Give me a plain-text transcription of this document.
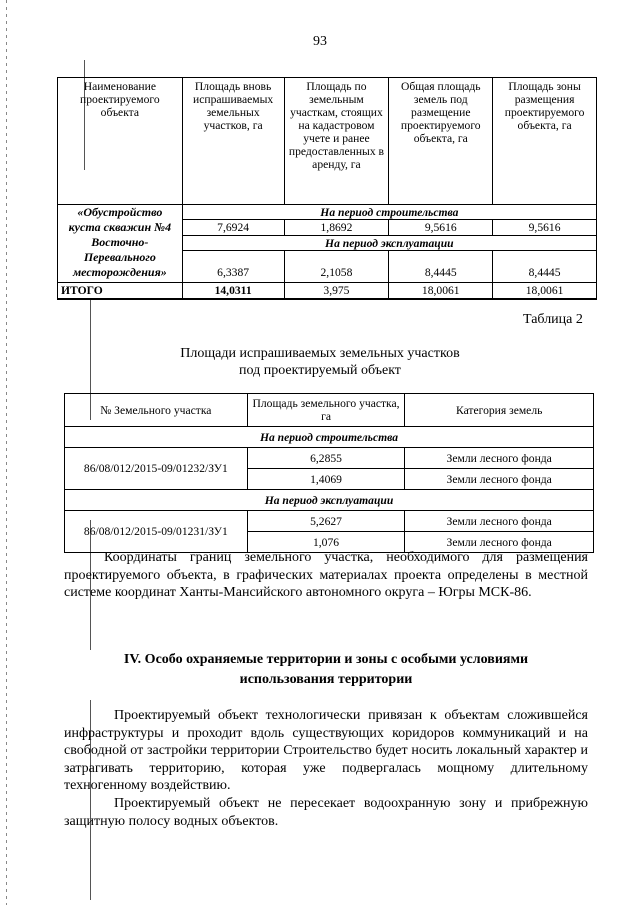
93
Наименование проектируемого объекта	Площадь вновь испрашиваемых земельных участков, га	Площадь по земельным участкам, стоящих на кадастровом учете и ранее предоставленных в аренду, га	Общая площадь земель под размещение проектируемого объекта, га	Площадь зоны размещения проектируемого объекта, га
«Обустройство куста скважин №4 Восточно-Перевального месторождения»	На период строительства			
	7,6924	1,8692	9,5616	9,5616
	На период эксплуатации			
	6,3387	2,1058	8,4445	8,4445
ИТОГО	14,0311	3,975	18,0061	18,0061
Таблица 2
Площади испрашиваемых земельных участков
под проектируемый объект
№ Земельного участка	Площадь земельного участка, га	Категория земель
На период строительства		
86/08/012/2015-09/01232/ЗУ1	6,2855	Земли лесного фонда
	1,4069	Земли лесного фонда
На период эксплуатации		
86/08/012/2015-09/01231/ЗУ1	5,2627	Земли лесного фонда
	1,076	Земли лесного фонда

Координаты границ земельного участка, необходимого для размещения проектируемого объекта, в графических материалах проекта определены в местной системе координат Ханты-Мансийского автономного округа – Югры МСК-86.

IV. Особо охраняемые территории и зоны с особыми условиями
использования территории

Проектируемый объект технологически привязан к объектам сложившейся инфраструктуры и проходит вдоль существующих коридоров коммуникаций и на свободной от застройки территории Строительство будет носить локальный характер и затрагивать территорию, которая уже подвергалась мощному длительному техногенному воздействию.

Проектируемый объект не пересекает водоохранную зону и прибрежную защитную полосу водных объектов.
